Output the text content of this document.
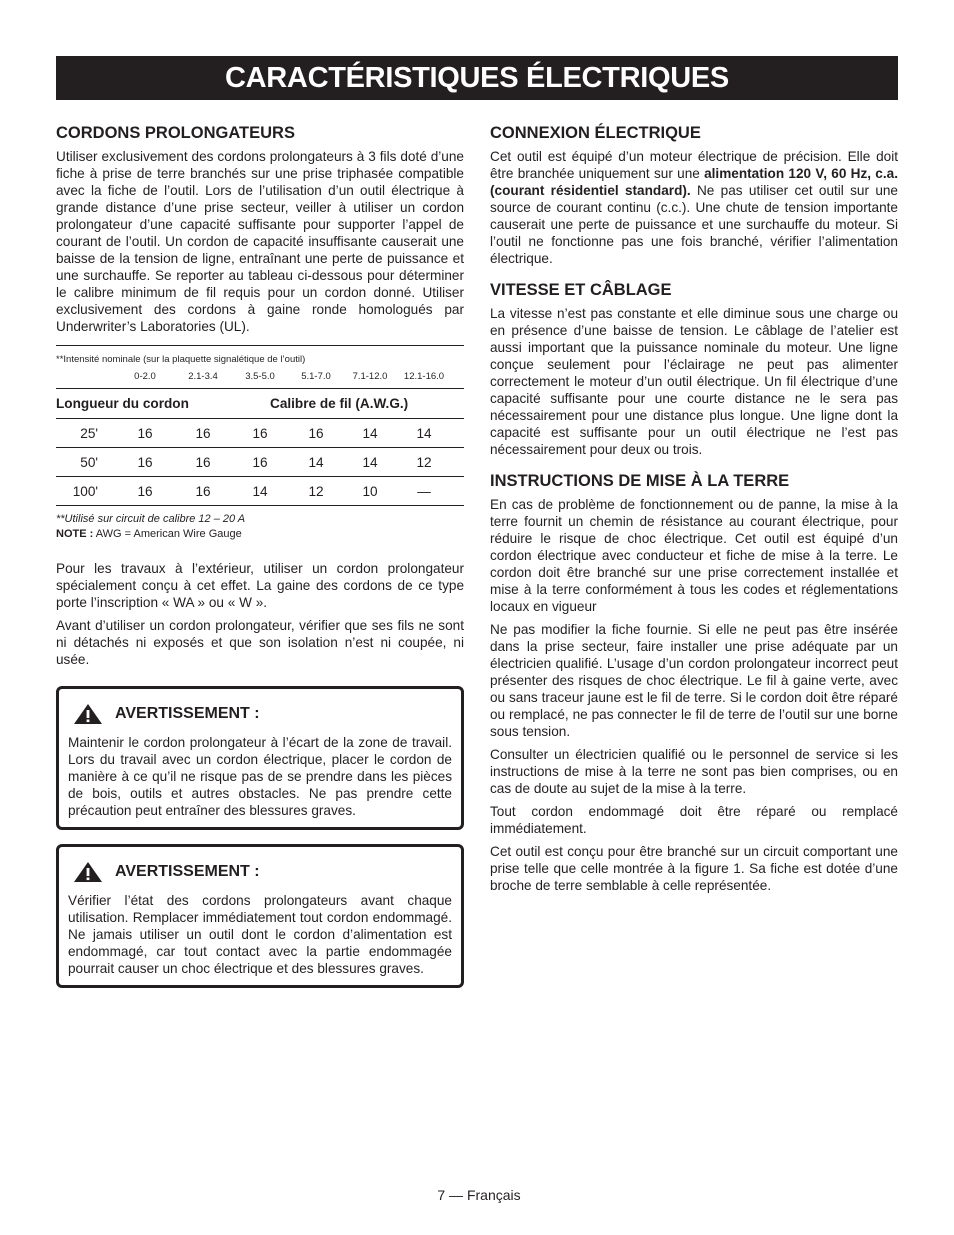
CARACTÉRISTIQUES ÉLECTRIQUES
CORDONS PROLONGATEURS

Utiliser exclusivement des cordons prolongateurs à 3 fils doté d’une fiche à prise de terre branchés sur une prise triphasée compatible avec la fiche de l’outil. Lors de l’utilisation d’un outil électrique à grande distance d’une prise secteur, veiller à utiliser un cordon prolongateur d’une capacité suffisante pour supporter l’appel de courant de l’outil. Un cordon de capacité insuffisante causerait une baisse de la tension de ligne, entraînant une perte de puissance et une surchauffe. Se reporter au tableau ci-dessous pour déterminer le calibre minimum de fil requis pour un cordon donné. Utiliser exclusivement des cordons à gaine ronde homologués par Underwriter’s Laboratories (UL).

**Intensité nominale (sur la plaquette signalétique de l’outil)
0-2.0	2.1-3.4	3.5-5.0	5.1-7.0	7.1-12.0	12.1-16.0
Longueur du cordon	Calibre de fil (A.W.G.)
25'	16	16	16	16	14	14
50'	16	16	16	14	14	12
100'	16	16	14	12	10	—
**Utilisé sur circuit de calibre 12 – 20 A
NOTE : AWG = American Wire Gauge

Pour les travaux à l’extérieur, utiliser un cordon prolongateur spécialement conçu à cet effet. La gaine des cordons de ce type porte l’inscription « WA » ou « W ».

Avant d’utiliser un cordon prolongateur, vérifier que ses fils ne sont ni détachés ni exposés et que son isolation n’est ni coupée, ni usée.

AVERTISSEMENT :

Maintenir le cordon prolongateur à l’écart de la zone de travail. Lors du travail avec un cordon électrique, placer le cordon de manière à ce qu’il ne risque pas de se prendre dans les pièces de bois, outils et autres obstacles. Ne pas prendre cette précaution peut entraîner des blessures graves.

AVERTISSEMENT :

Vérifier l’état des cordons prolongateurs avant chaque utilisation. Remplacer immédiatement tout cordon endommagé. Ne jamais utiliser un outil dont le cordon d’alimentation est endommagé, car tout contact avec la partie endommagée pourrait causer un choc électrique et des blessures graves.

CONNEXION ÉLECTRIQUE

Cet outil est équipé d’un moteur électrique de précision. Elle doit être branchée uniquement sur une alimentation 120 V, 60 Hz, c.a. (courant résidentiel standard). Ne pas utiliser cet outil sur une source de courant continu (c.c.). Une chute de tension importante causerait une perte de puissance et une surchauffe du moteur. Si l’outil ne fonctionne pas une fois branché, vérifier l’alimentation électrique.

VITESSE ET CÂBLAGE

La vitesse n’est pas constante et elle diminue sous une charge ou en présence d’une baisse de tension. Le câblage de l’atelier est aussi important que la puissance nominale du moteur. Une ligne conçue seulement pour l’éclairage ne peut pas alimenter correctement le moteur d’un outil électrique. Un fil électrique d’une capacité suffisante pour une courte distance ne le sera pas nécessairement pour une distance plus longue. Une ligne dont la capacité est suffisante pour un outil électrique ne l’est pas nécessairement pour deux ou trois.

INSTRUCTIONS DE MISE À LA TERRE

En cas de problème de fonctionnement ou de panne, la mise à la terre fournit un chemin de résistance au courant électrique, pour réduire le risque de choc électrique. Cet outil est équipé d’un cordon électrique avec conducteur et fiche de mise à la terre. Le cordon doit être branché sur une prise correctement installée et mise à la terre conformément à tous les codes et réglementations locaux en vigueur

Ne pas modifier la fiche fournie. Si elle ne peut pas être insérée dans la prise secteur, faire installer une prise adéquate par un électricien qualifié. L’usage d’un cordon prolongateur incorrect peut présenter des risques de choc électrique. Le fil à gaine verte, avec ou sans traceur jaune est le fil de terre. Si le cordon doit être réparé ou remplacé, ne pas connecter le fil de terre de l’outil sur une borne sous tension.

Consulter un électricien qualifié ou le personnel de service si les instructions de mise à la terre ne sont pas bien comprises, ou en cas de doute au sujet de la mise à la terre.

Tout cordon endommagé doit être réparé ou remplacé immédiatement.

Cet outil est conçu pour être branché sur un circuit comportant une prise telle que celle montrée à la figure 1. Sa fiche est dotée d’une broche de terre semblable à celle représentée.

7 — Français
